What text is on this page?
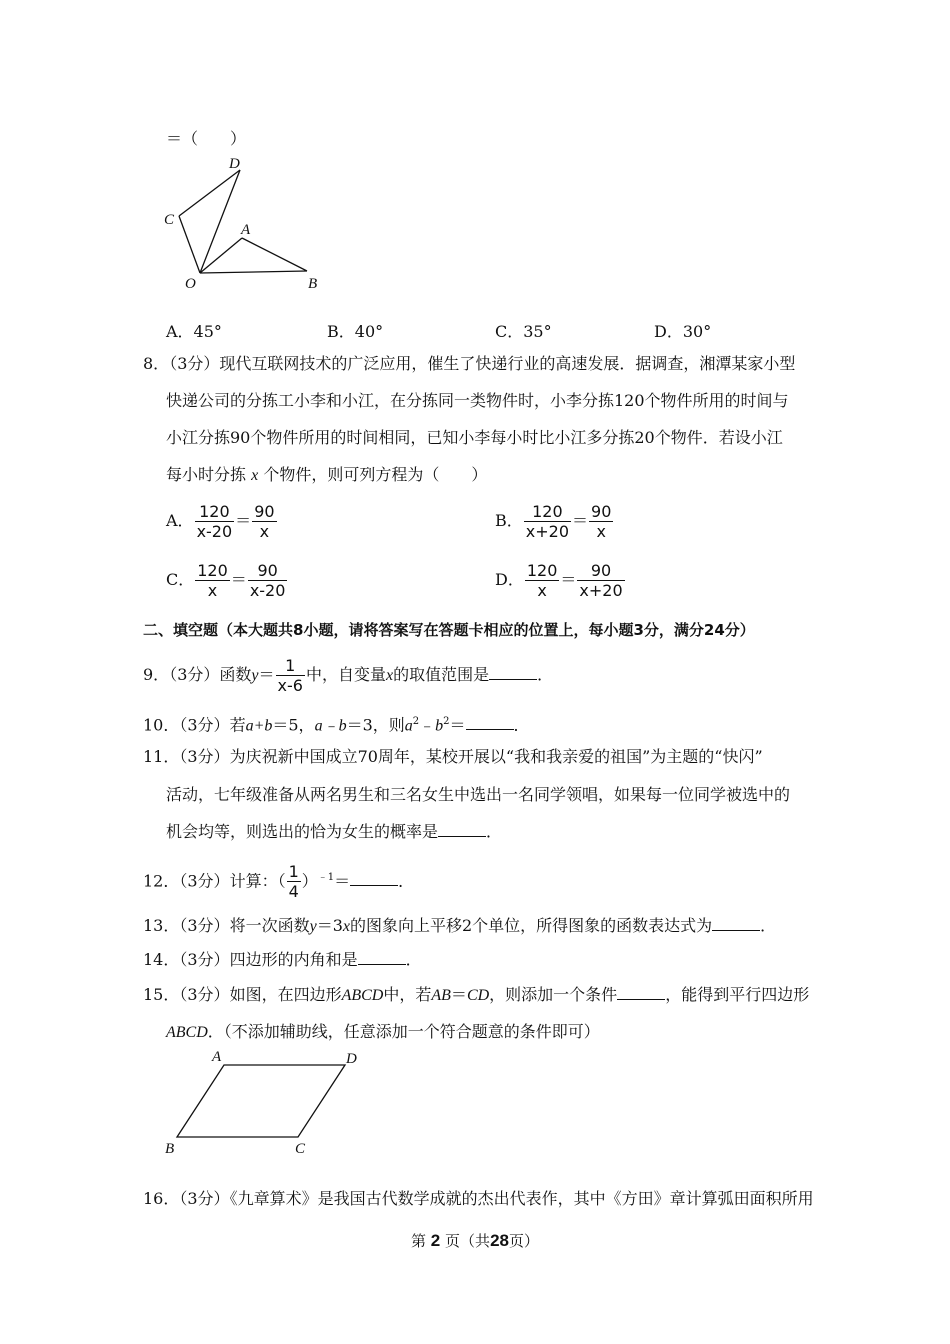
＝（　　）
D
C
A
O	B
A．45°	B．40°	C．35°	D．30°
8．（3分）现代互联网技术的广泛应用，催生了快递行业的高速发展．据调查，湘潭某家小型
快递公司的分拣工小李和小江，在分拣同一类物件时，小李分拣120个物件所用的时间与
小江分拣90个物件所用的时间相同，已知小李每小时比小江多分拣20个物件．若设小江
每小时分拣 x 个物件，则可列方程为（　　）
A． $\frac{120}{x-20} = \frac{90}{x}$	B． $\frac{120}{x+20} = \frac{90}{x}$
C． $\frac{120}{x} = \frac{90}{x-20}$	D． $\frac{120}{x} = \frac{90}{x+20}$
二、填空题（本大题共8小题，请将答案写在答题卡相应的位置上，每小题3分，满分24分）
9．（3分）函数$y= \frac{1}{x-6}$ 中，自变量x的取值范围是	．
10．（3分）若a+b＝5，a﹣b＝3，则$a^2﹣b^2=$	．
11．（3分）为庆祝新中国成立70周年，某校开展以“我和我亲爱的祖国”为主题的“快闪”
活动，七年级准备从两名男生和三名女生中选出一名同学领唱，如果每一位同学被选中的
机会均等，则选出的恰为女生的概率是	．
12．（3分）计算：（ $\frac{1}{4} )^{﹣1}=$	．
13．（3分）将一次函数y＝3x的图象向上平移2个单位，所得图象的函数表达式为	．
14．（3分）四边形的内角和是	．
15．（3分）如图，在四边形ABCD中，若AB＝CD，则添加一个条件	，能得到平行四边形
ABCD．（不添加辅助线，任意添加一个符合题意的条件即可）
A	D
B	C
16．（3分）《九章算术》是我国古代数学成就的杰出代表作，其中《方田》章计算弧田面积所用
第 2 页（共28页）
